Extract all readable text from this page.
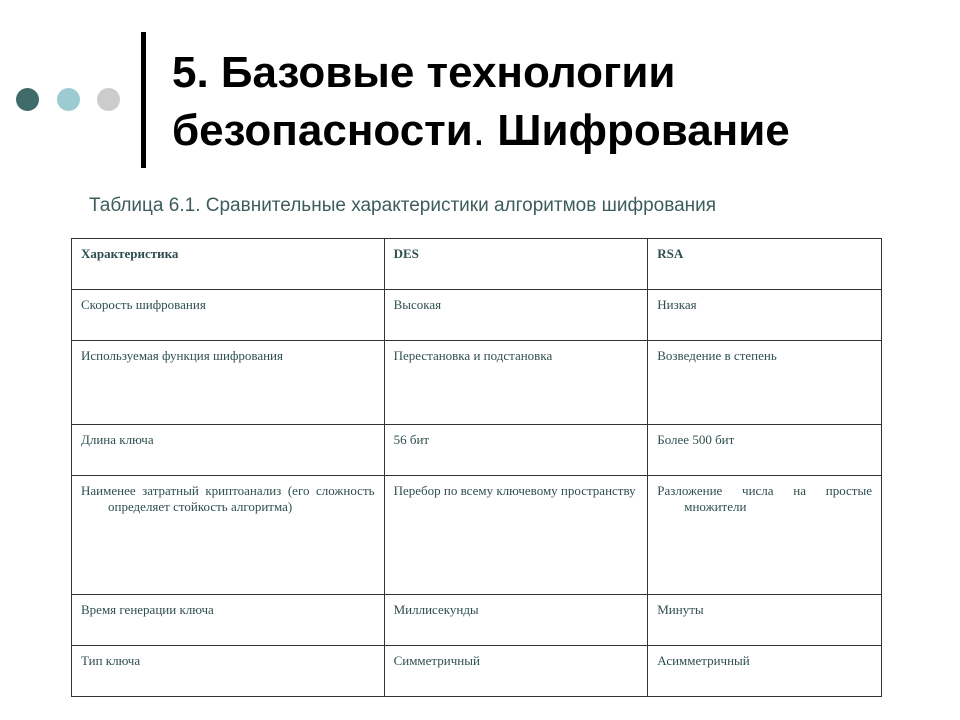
5. Базовые технологии безопасности. Шифрование
Таблица 6.1. Сравнительные характеристики алгоритмов шифрования
Характеристика	DES	RSA
Скорость шифрования	Высокая	Низкая
Используемая функция шифрования	Перестановка и подстановка	Возведение в степень
Длина ключа	56 бит	Более 500 бит
Наименее затратный криптоанализ (его сложность определяет стойкость алгоритма)	Перебор по всему ключевому пространству	Разложение числа на простые множители
Время генерации ключа	Миллисекунды	Минуты
Тип ключа	Симметричный	Асимметричный
